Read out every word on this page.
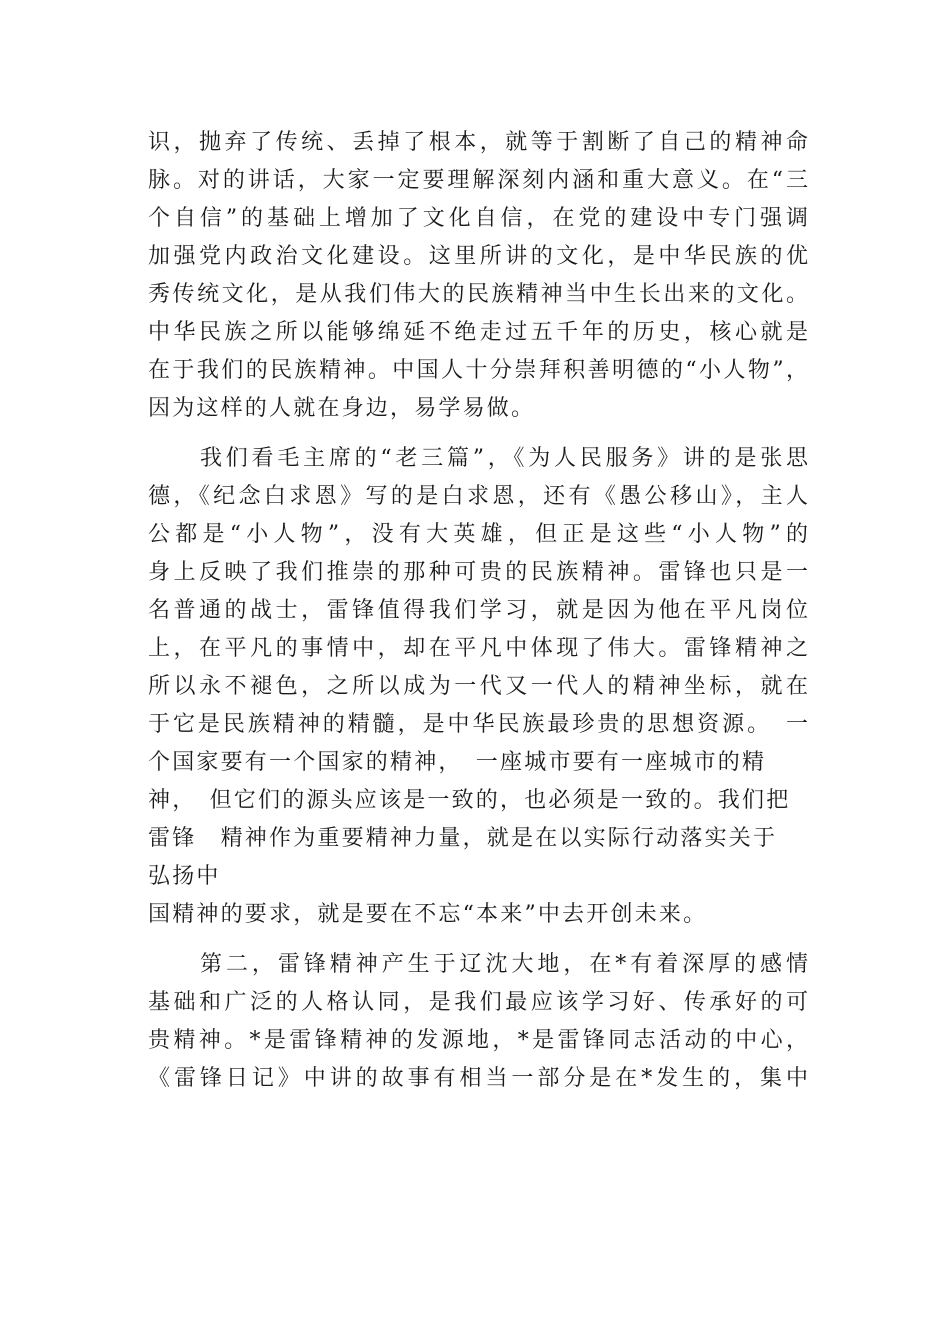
识，抛弃了传统、丢掉了根本，就等于割断了自己的精神命
脉。对的讲话，大家一定要理解深刻内涵和重大意义。在“三
个自信”的基础上增加了文化自信，在党的建设中专门强调
加强党内政治文化建设。这里所讲的文化，是中华民族的优
秀传统文化，是从我们伟大的民族精神当中生长出来的文化。
中华民族之所以能够绵延不绝走过五千年的历史，核心就是
在于我们的民族精神。中国人十分崇拜积善明德的“小人物”，
因为这样的人就在身边，易学易做。
我们看毛主席的“老三篇”，《为人民服务》讲的是张思
德，《纪念白求恩》写的是白求恩，还有《愚公移山》，主人
公都是“小人物”，没有大英雄，但正是这些“小人物”的
身上反映了我们推崇的那种可贵的民族精神。雷锋也只是一
名普通的战士，雷锋值得我们学习，就是因为他在平凡岗位
上，在平凡的事情中，却在平凡中体现了伟大。雷锋精神之
所以永不褪色，之所以成为一代又一代人的精神坐标，就在
于它是民族精神的精髓，是中华民族最珍贵的思想资源。　一
个国家要有一个国家的精神，　一座城市要有一座城市的精
神，　但它们的源头应该是一致的，也必须是一致的。我们把
雷锋　精神作为重要精神力量，就是在以实际行动落实关于
弘扬中
国精神的要求，就是要在不忘“本来”中去开创未来。
第二，雷锋精神产生于辽沈大地，在*有着深厚的感情
基础和广泛的人格认同，是我们最应该学习好、传承好的可
贵精神。*是雷锋精神的发源地，*是雷锋同志活动的中心，
《雷锋日记》中讲的故事有相当一部分是在*发生的，集中
